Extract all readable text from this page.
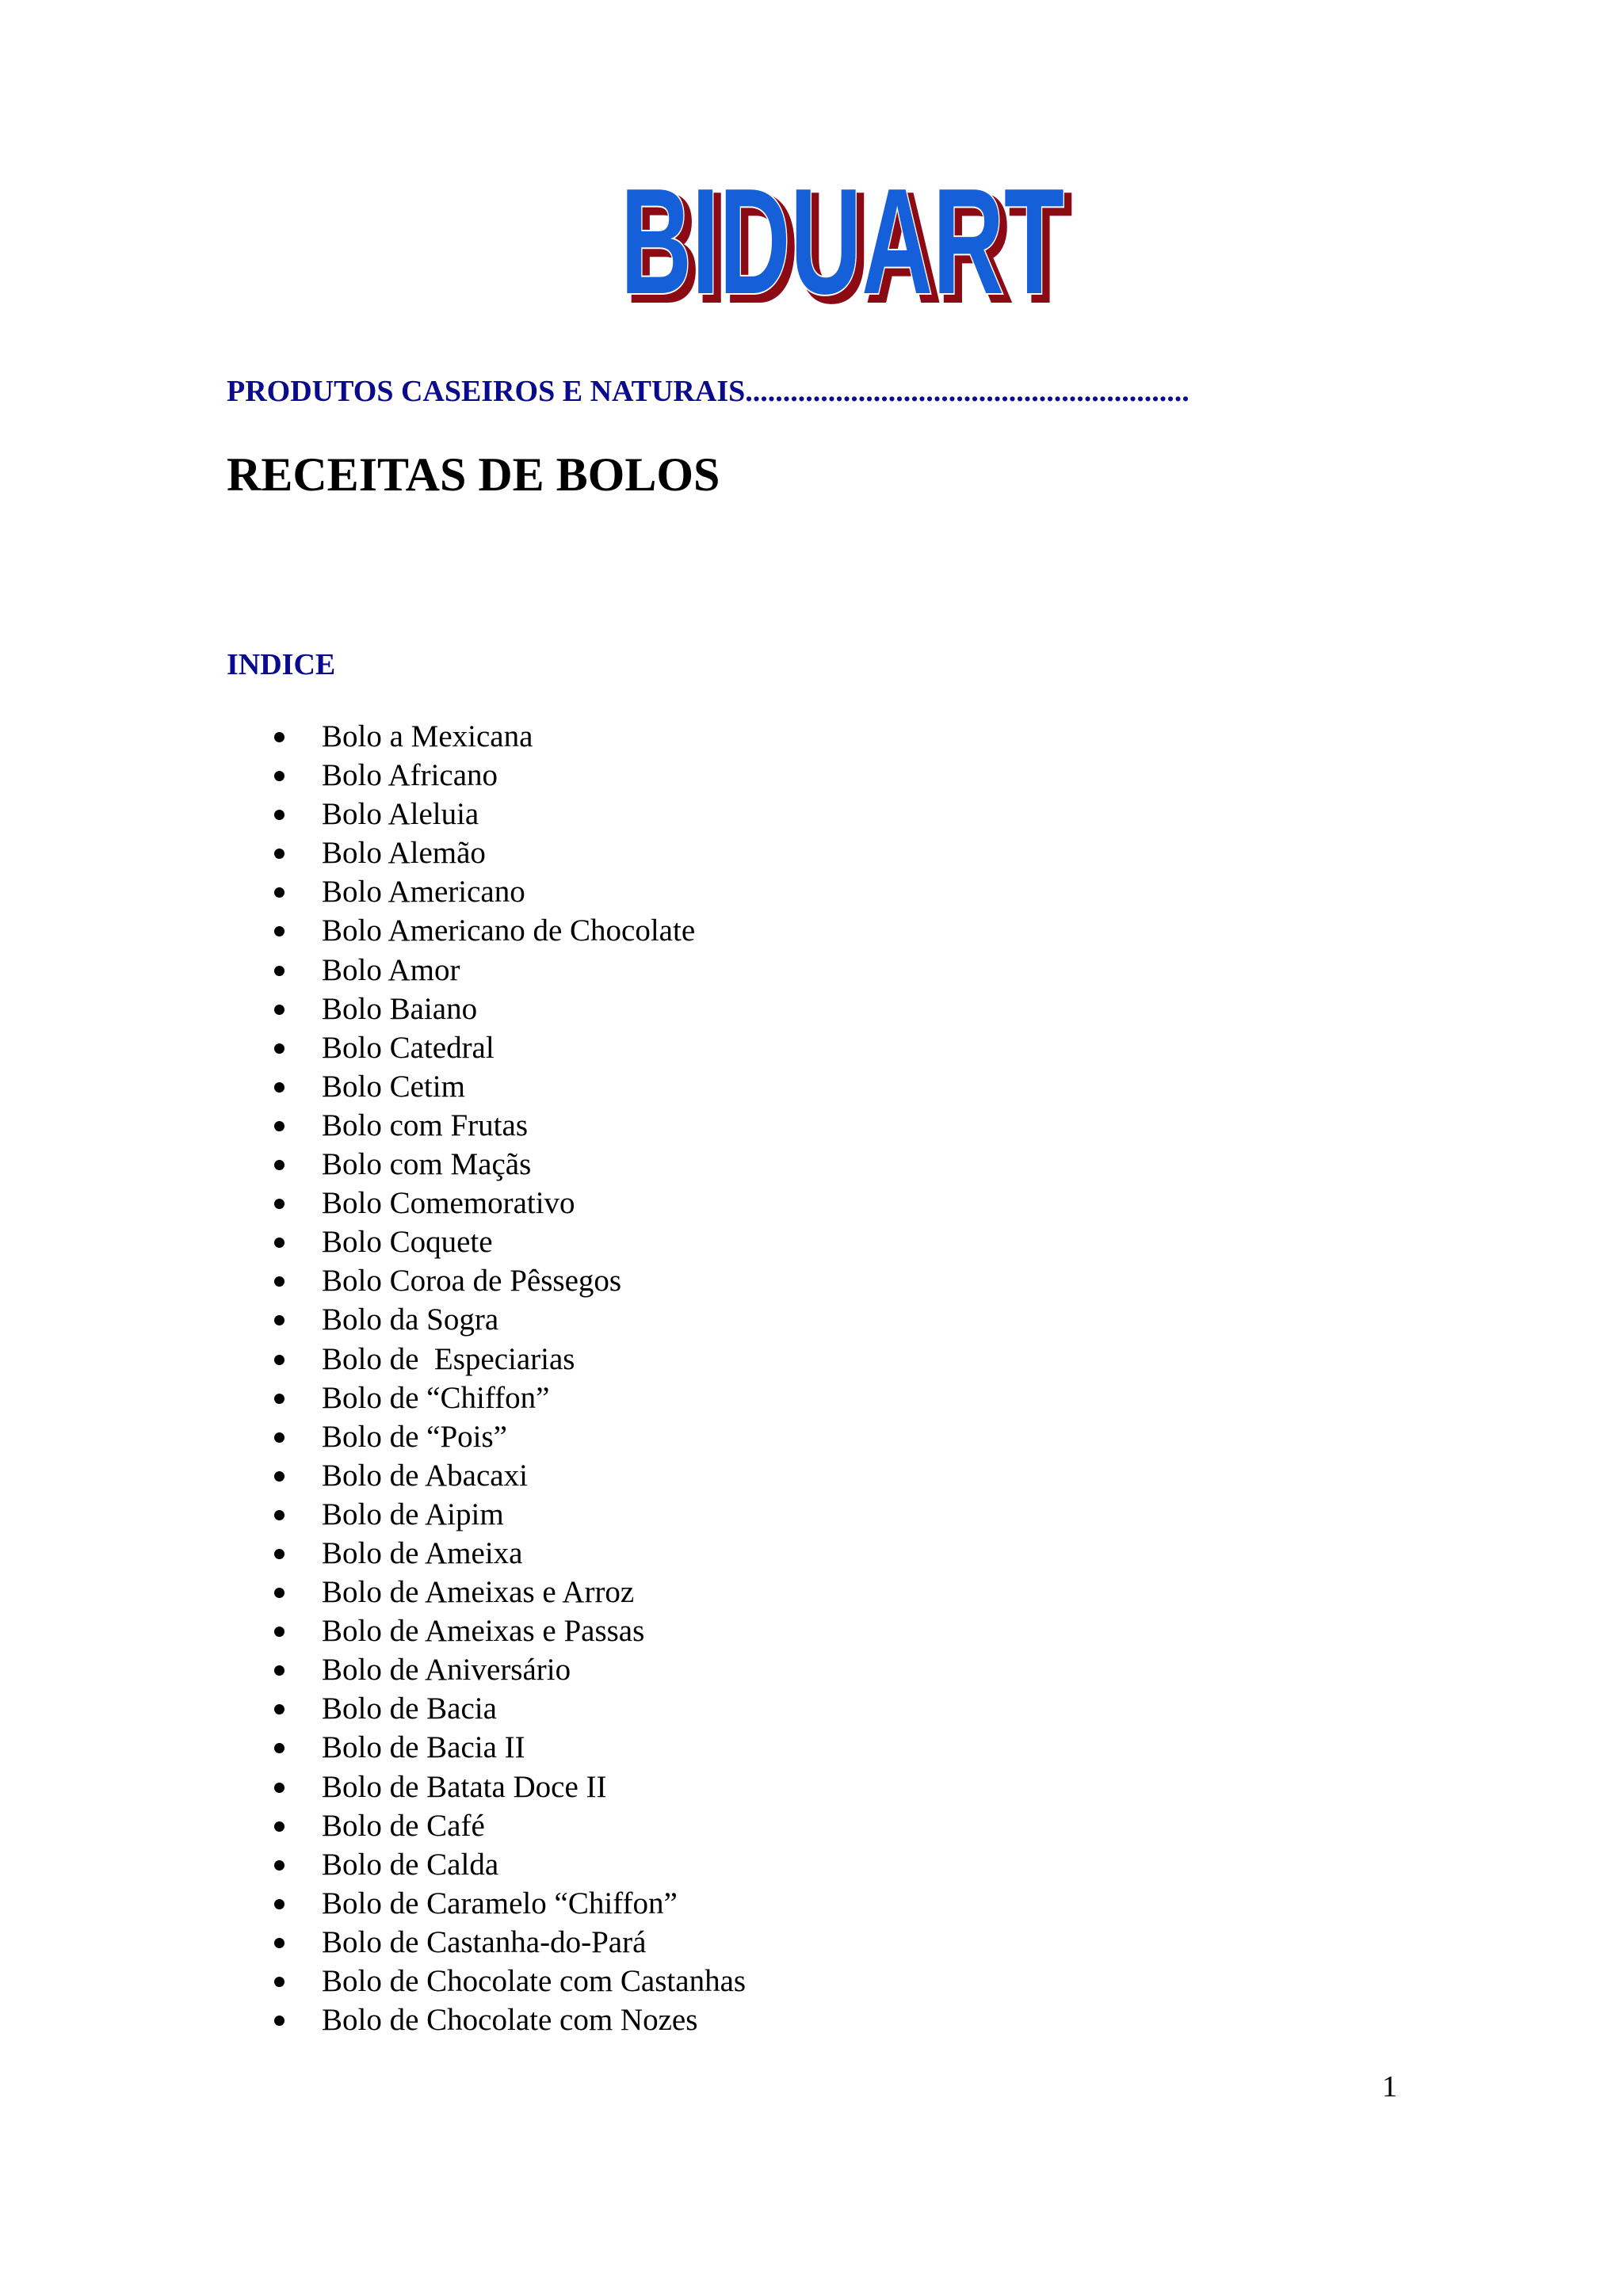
BIDUART
BIDUART
PRODUTOS CASEIROS E NATURAIS...........................................................
RECEITAS DE BOLOS
INDICE
Bolo a Mexicana
Bolo Africano
Bolo Aleluia
Bolo Alemão
Bolo Americano
Bolo Americano de Chocolate
Bolo Amor
Bolo Baiano
Bolo Catedral
Bolo Cetim
Bolo com Frutas
Bolo com Maçãs
Bolo Comemorativo
Bolo Coquete
Bolo Coroa de Pêssegos
Bolo da Sogra
Bolo de  Especiarias
Bolo de “Chiffon”
Bolo de “Pois”
Bolo de Abacaxi
Bolo de Aipim
Bolo de Ameixa
Bolo de Ameixas e Arroz
Bolo de Ameixas e Passas
Bolo de Aniversário
Bolo de Bacia
Bolo de Bacia II
Bolo de Batata Doce II
Bolo de Café
Bolo de Calda
Bolo de Caramelo “Chiffon”
Bolo de Castanha-do-Pará
Bolo de Chocolate com Castanhas
Bolo de Chocolate com Nozes
1
